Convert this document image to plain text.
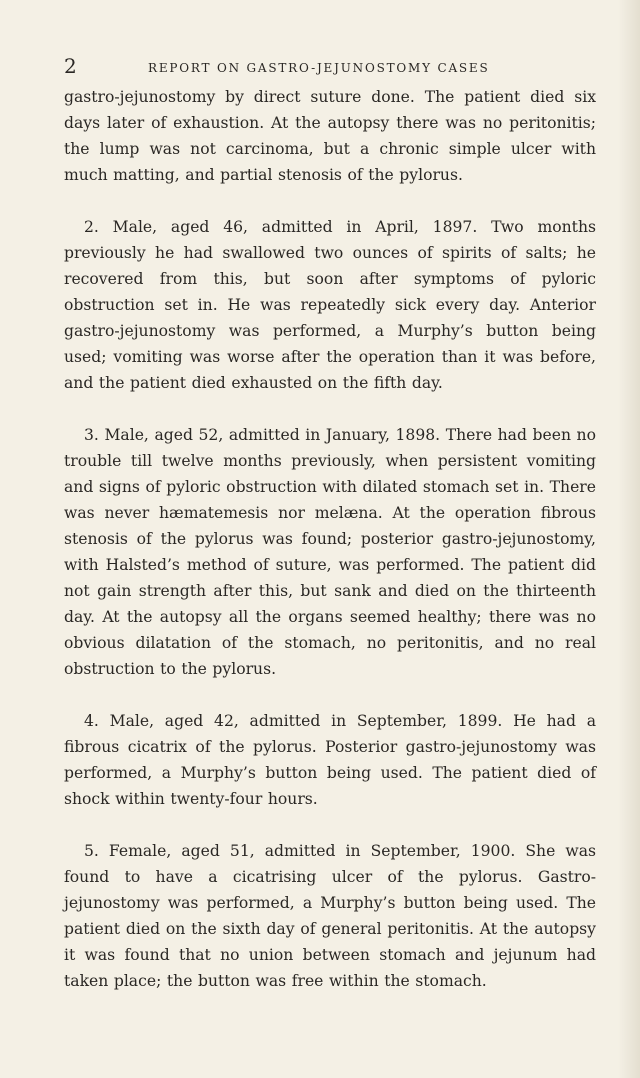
2	REPORT ON GASTRO-JEJUNOSTOMY CASES

gastro-jejunostomy by direct suture done. The patient died six days later of exhaustion. At the autopsy there was no peritonitis; the lump was not carcinoma, but a chronic simple ulcer with much matting, and partial stenosis of the pylorus.

2. Male, aged 46, admitted in April, 1897. Two months previously he had swallowed two ounces of spirits of salts; he recovered from this, but soon after symptoms of pyloric obstruction set in. He was repeatedly sick every day. Anterior gastro-jejunostomy was performed, a Murphy’s button being used; vomiting was worse after the operation than it was before, and the patient died exhausted on the fifth day.

3. Male, aged 52, admitted in January, 1898. There had been no trouble till twelve months previously, when persistent vomiting and signs of pyloric obstruction with dilated stomach set in. There was never hæmatemesis nor melæna. At the operation fibrous stenosis of the pylorus was found; posterior gastro-jejunostomy, with Halsted’s method of suture, was performed. The patient did not gain strength after this, but sank and died on the thirteenth day. At the autopsy all the organs seemed healthy; there was no obvious dilatation of the stomach, no peritonitis, and no real obstruction to the pylorus.

4. Male, aged 42, admitted in September, 1899. He had a fibrous cicatrix of the pylorus. Posterior gastro-jejunostomy was performed, a Murphy’s button being used. The patient died of shock within twenty-four hours.

5. Female, aged 51, admitted in September, 1900. She was found to have a cicatrising ulcer of the pylorus. Gastro-jejunostomy was performed, a Murphy’s button being used. The patient died on the sixth day of general peritonitis. At the autopsy it was found that no union between stomach and jejunum had taken place; the button was free within the stomach.
